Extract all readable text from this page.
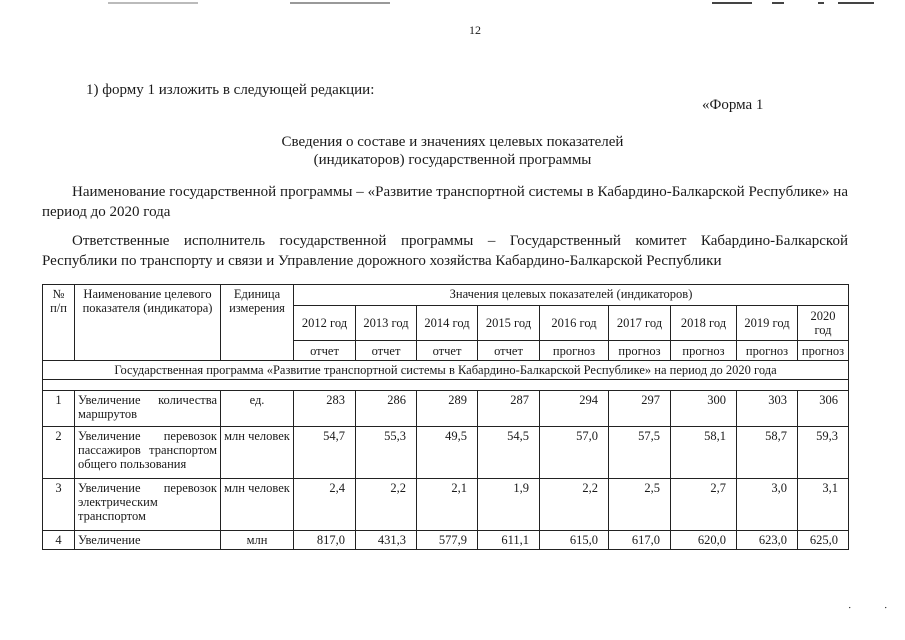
12
1) форму 1 изложить в следующей редакции:
«Форма 1
Сведения о составе и значениях целевых показателей
(индикаторов) государственной программы
Наименование государственной программы – «Развитие транспортной системы в Кабардино-Балкарской Республике» на период до 2020 года
Ответственные исполнитель государственной программы – Государственный комитет Кабардино-Балкарской Республики по транспорту и связи и Управление дорожного хозяйства Кабардино-Балкарской Республики
№ п/п	Наименование целевого показателя (индикатора)	Единица измерения	Значения целевых показателей (индикаторов)								
			2012 год	2013 год	2014 год	2015 год	2016 год	2017 год	2018 год	2019 год	2020 год
			отчет	отчет	отчет	отчет	прогноз	прогноз	прогноз	прогноз	прогноз
Государственная программа «Развитие транспортной системы в Кабардино-Балкарской Республике» на период до 2020 года											

1	Увеличение количества маршрутов	ед.	283	286	289	287	294	297	300	303	306
2	Увеличение перевозок пассажиров транспортом общего пользования	млн человек	54,7	55,3	49,5	54,5	57,0	57,5	58,1	58,7	59,3
3	Увеличение перевозок электрическим транспортом	млн человек	2,4	2,2	2,1	1,9	2,2	2,5	2,7	3,0	3,1
4	Увеличение	млн	817,0	431,3	577,9	611,1	615,0	617,0	620,0	623,0	625,0
⋅	⋅
